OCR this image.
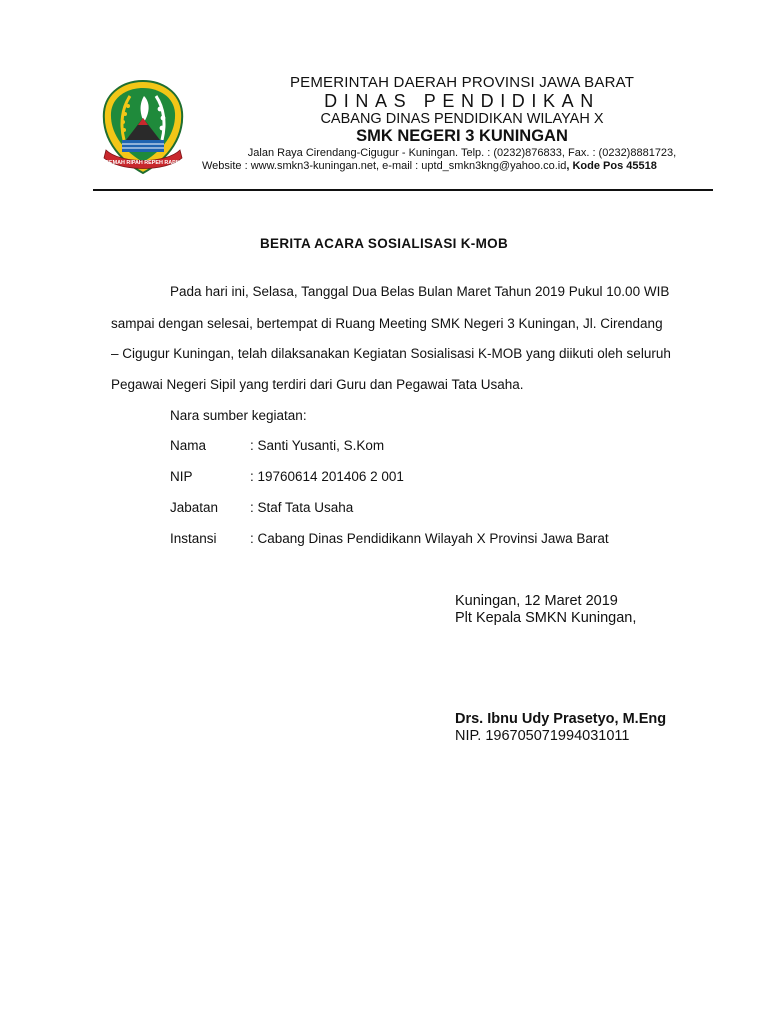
GEMAH RIPAH REPEH RAPIH
PEMERINTAH DAERAH PROVINSI JAWA BARAT
DINAS PENDIDIKAN
CABANG DINAS PENDIDIKAN WILAYAH X
SMK NEGERI 3 KUNINGAN
Jalan Raya Cirendang-Cigugur - Kuningan. Telp. : (0232)876833, Fax. : (0232)8881723,
Website : www.smkn3-kuningan.net, e-mail : uptd_smkn3kng@yahoo.co.id, Kode Pos 45518
BERITA ACARA SOSIALISASI K-MOB
Pada hari ini, Selasa, Tanggal Dua Belas Bulan Maret Tahun 2019 Pukul 10.00 WIB
sampai dengan selesai, bertempat di Ruang Meeting SMK Negeri 3 Kuningan, Jl. Cirendang
– Cigugur Kuningan, telah dilaksanakan Kegiatan Sosialisasi K-MOB yang diikuti oleh seluruh
Pegawai Negeri Sipil yang terdiri dari Guru dan Pegawai Tata Usaha.
Nara sumber kegiatan:
Nama	: Santi Yusanti, S.Kom
NIP	: 19760614 201406 2 001
Jabatan : Staf Tata Usaha
Instansi : Cabang Dinas Pendidikann Wilayah X Provinsi Jawa Barat
Kuningan, 12 Maret 2019
Plt Kepala SMKN Kuningan,
Drs. Ibnu Udy Prasetyo, M.Eng
NIP. 196705071994031011
